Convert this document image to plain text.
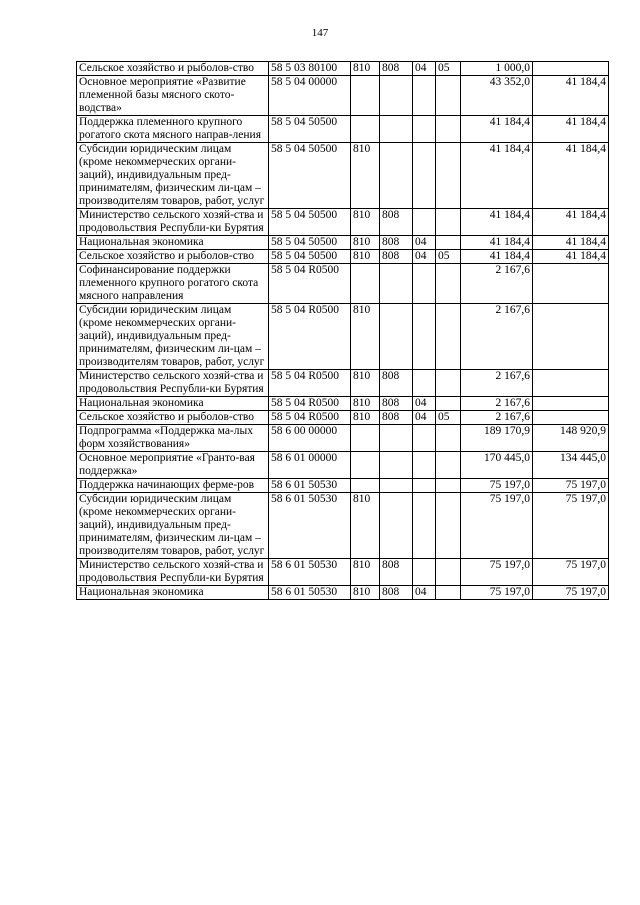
147
Сельское хозяйство и рыболов-ство	58 5 03 80100	810	808	04	05	1 000,0	
Основное мероприятие «Развитие племенной базы мясного ското-водства»	58 5 04 00000					43 352,0	41 184,4
Поддержка племенного крупного рогатого скота мясного направ-ления	58 5 04 50500					41 184,4	41 184,4
Субсидии юридическим лицам (кроме некоммерческих органи-заций), индивидуальным пред-принимателям, физическим ли-цам – производителям товаров, работ, услуг	58 5 04 50500	810				41 184,4	41 184,4
Министерство сельского хозяй-ства и продовольствия Республи-ки Бурятия	58 5 04 50500	810	808			41 184,4	41 184,4
Национальная экономика	58 5 04 50500	810	808	04		41 184,4	41 184,4
Сельское хозяйство и рыболов-ство	58 5 04 50500	810	808	04	05	41 184,4	41 184,4
Софинансирование поддержки племенного крупного рогатого скота мясного направления	58 5 04 R0500					2 167,6	
Субсидии юридическим лицам (кроме некоммерческих органи-заций), индивидуальным пред-принимателям, физическим ли-цам – производителям товаров, работ, услуг	58 5 04 R0500	810				2 167,6	
Министерство сельского хозяй-ства и продовольствия Республи-ки Бурятия	58 5 04 R0500	810	808			2 167,6	
Национальная экономика	58 5 04 R0500	810	808	04		2 167,6	
Сельское хозяйство и рыболов-ство	58 5 04 R0500	810	808	04	05	2 167,6	
Подпрограмма «Поддержка ма-лых форм хозяйствования»	58 6 00 00000					189 170,9	148 920,9
Основное мероприятие «Гранто-вая поддержка»	58 6 01 00000					170 445,0	134 445,0
Поддержка начинающих ферме-ров	58 6 01 50530					75 197,0	75 197,0
Субсидии юридическим лицам (кроме некоммерческих органи-заций), индивидуальным пред-принимателям, физическим ли-цам – производителям товаров, работ, услуг	58 6 01 50530	810				75 197,0	75 197,0
Министерство сельского хозяй-ства и продовольствия Республи-ки Бурятия	58 6 01 50530	810	808			75 197,0	75 197,0
Национальная экономика	58 6 01 50530	810	808	04		75 197,0	75 197,0
